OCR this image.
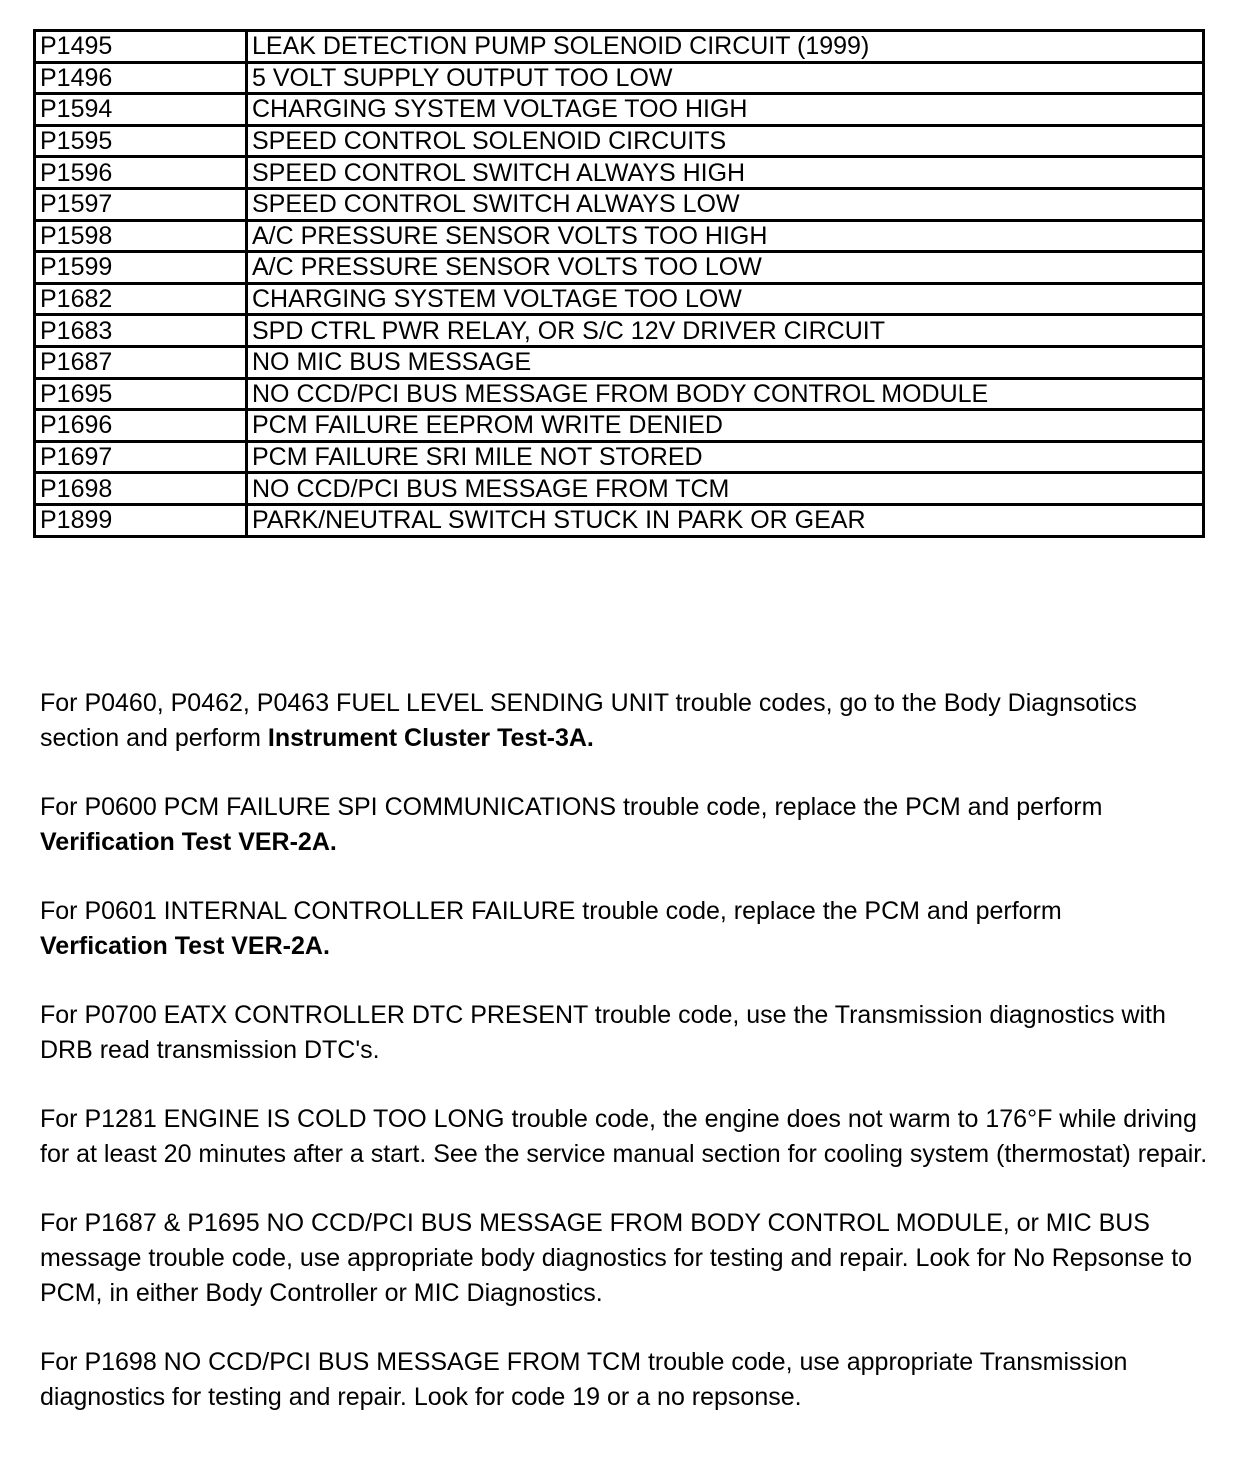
P1495	LEAK DETECTION PUMP SOLENOID CIRCUIT (1999)
P1496	5 VOLT SUPPLY OUTPUT TOO LOW
P1594	CHARGING SYSTEM VOLTAGE TOO HIGH
P1595	SPEED CONTROL SOLENOID CIRCUITS
P1596	SPEED CONTROL SWITCH ALWAYS HIGH
P1597	SPEED CONTROL SWITCH ALWAYS LOW
P1598	A/C PRESSURE SENSOR VOLTS TOO HIGH
P1599	A/C PRESSURE SENSOR VOLTS TOO LOW
P1682	CHARGING SYSTEM VOLTAGE TOO LOW
P1683	SPD CTRL PWR RELAY, OR S/C 12V DRIVER CIRCUIT
P1687	NO MIC BUS MESSAGE
P1695	NO CCD/PCI BUS MESSAGE FROM BODY CONTROL MODULE
P1696	PCM FAILURE EEPROM WRITE DENIED
P1697	PCM FAILURE SRI MILE NOT STORED
P1698	NO CCD/PCI BUS MESSAGE FROM TCM
P1899	PARK/NEUTRAL SWITCH STUCK IN PARK OR GEAR

For P0460, P0462, P0463 FUEL LEVEL SENDING UNIT trouble codes, go to the Body Diagnsotics section and perform Instrument Cluster Test-3A.

For P0600 PCM FAILURE SPI COMMUNICATIONS trouble code, replace the PCM and perform Verification Test VER-2A.

For P0601 INTERNAL CONTROLLER FAILURE trouble code, replace the PCM and perform
Verfication Test VER-2A.

For P0700 EATX CONTROLLER DTC PRESENT trouble code, use the Transmission diagnostics with DRB read transmission DTC's.

For P1281 ENGINE IS COLD TOO LONG trouble code, the engine does not warm to 176°F while driving for at least 20 minutes after a start. See the service manual section for cooling system (thermostat) repair.

For P1687 & P1695 NO CCD/PCI BUS MESSAGE FROM BODY CONTROL MODULE, or MIC BUS message trouble code, use appropriate body diagnostics for testing and repair. Look for No Repsonse to PCM, in either Body Controller or MIC Diagnostics.

For P1698 NO CCD/PCI BUS MESSAGE FROM TCM trouble code, use appropriate Transmission diagnostics for testing and repair. Look for code 19 or a no repsonse.
